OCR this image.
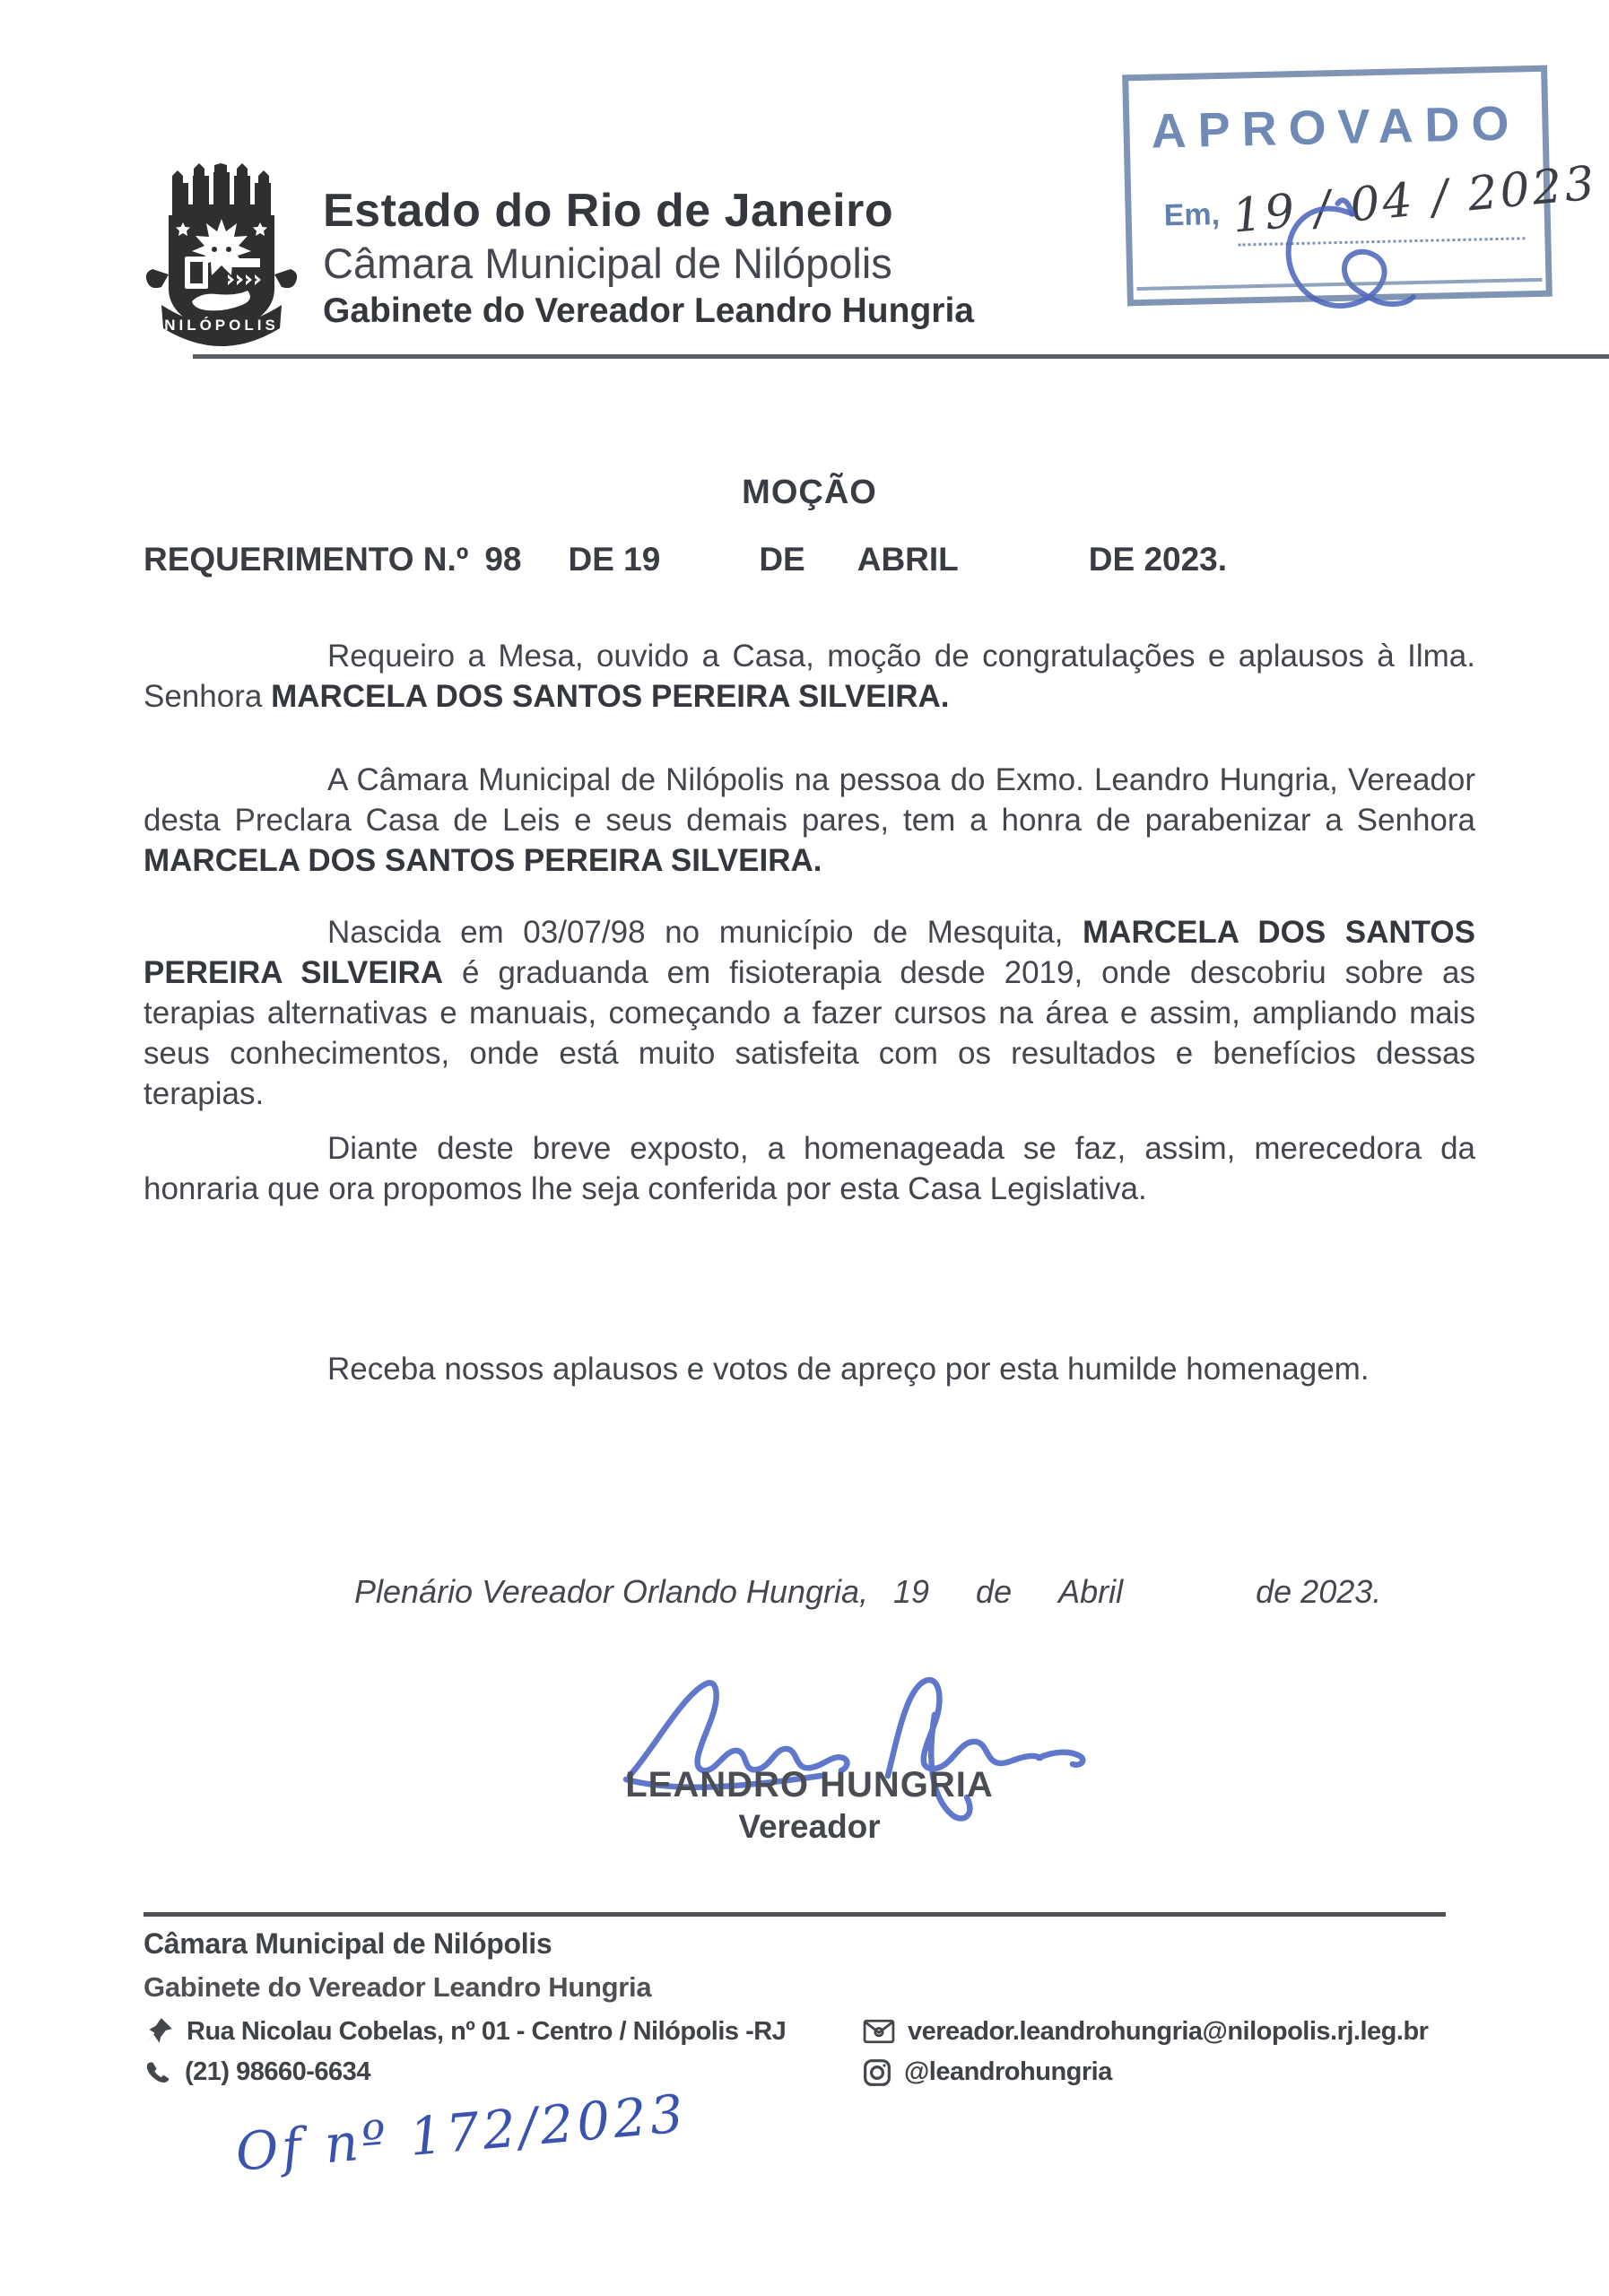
NILÓPOLIS
Estado do Rio de Janeiro
Câmara Municipal de Nilópolis
Gabinete do Vereador Leandro Hungria
APROVADO
Em, 19 / 04 / 2023
MOÇÃO
REQUERIMENTO N.º 98 DE 19	DE ABRIL	DE 2023.

Requeiro a Mesa, ouvido a Casa, moção de congratulações e aplausos à Ilma. Senhora MARCELA DOS SANTOS PEREIRA SILVEIRA.

A Câmara Municipal de Nilópolis na pessoa do Exmo. Leandro Hungria, Vereador desta Preclara Casa de Leis e seus demais pares, tem a honra de parabenizar a Senhora MARCELA DOS SANTOS PEREIRA SILVEIRA.

Nascida em 03/07/98 no município de Mesquita, MARCELA DOS SANTOS PEREIRA SILVEIRA é graduanda em fisioterapia desde 2019, onde descobriu sobre as terapias alternativas e manuais, começando a fazer cursos na área e assim, ampliando mais seus conhecimentos, onde está muito satisfeita com os resultados e benefícios dessas terapias.

Diante deste breve exposto, a homenageada se faz, assim, merecedora da honraria que ora propomos lhe seja conferida por esta Casa Legislativa.

Receba nossos aplausos e votos de apreço por esta humilde homenagem.

Plenário Vereador Orlando Hungria, 19 de Abril	de 2023.
LEANDRO HUNGRIA
Vereador
Câmara Municipal de Nilópolis
Gabinete do Vereador Leandro Hungria
Rua Nicolau Cobelas, nº 01 - Centro / Nilópolis -RJ	vereador.leandrohungria@nilopolis.rj.leg.br
(21) 98660-6634	@leandrohungria
Of nº 172/2023
